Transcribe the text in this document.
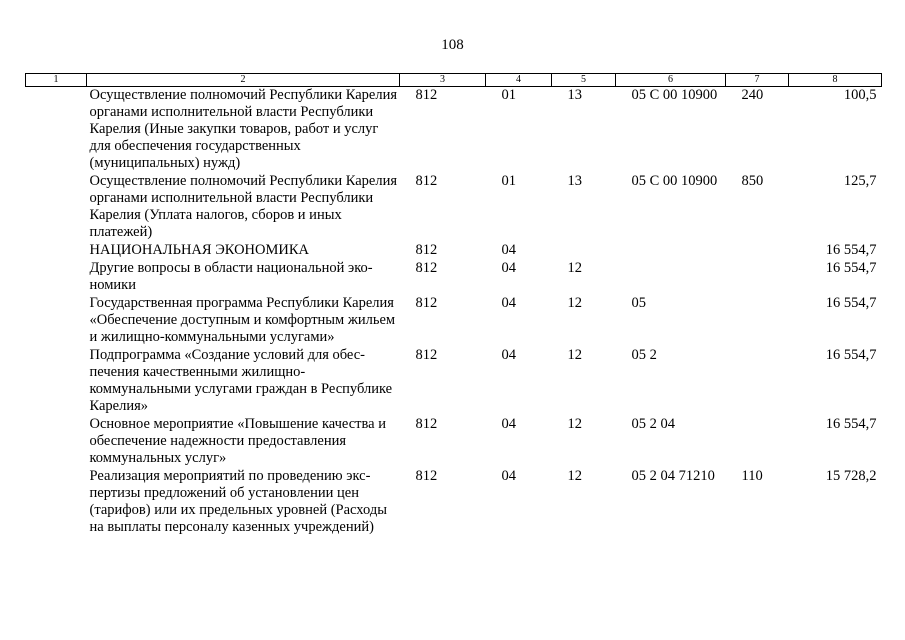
108
1	2	3	4	5	6	7	8
	Осуществление полномочий Республики Карелия органами исполнительной власти Республики Карелия (Иные закупки товаров, работ и услуг для обеспечения государственных (муниципальных) нужд)	812	01	13	05 С 00 10900	240	100,5
	Осуществление полномочий Республики Карелия органами исполнительной власти Республики Карелия (Уплата налогов, сборов и иных платежей)	812	01	13	05 С 00 10900	850	125,7
	НАЦИОНАЛЬНАЯ ЭКОНОМИКА	812	04				16 554,7
	Другие вопросы в области национальной экономики	812	04	12			16 554,7
	Государственная программа Республики Карелия «Обеспечение доступным и комфортным жильем и жилищно-коммунальными услугами»	812	04	12	05		16 554,7
	Подпрограмма «Создание условий для обеспечения качественными жилищно-коммунальными услугами граждан в Республике Карелия»	812	04	12	05 2		16 554,7
	Основное мероприятие «Повышение качества и обеспечение надежности предоставления коммунальных услуг»	812	04	12	05 2 04		16 554,7
	Реализация мероприятий по проведению экспертизы предложений об установлении цен (тарифов) или их предельных уровней (Расходы на выплаты персоналу казенных учреждений)	812	04	12	05 2 04 71210	110	15 728,2
